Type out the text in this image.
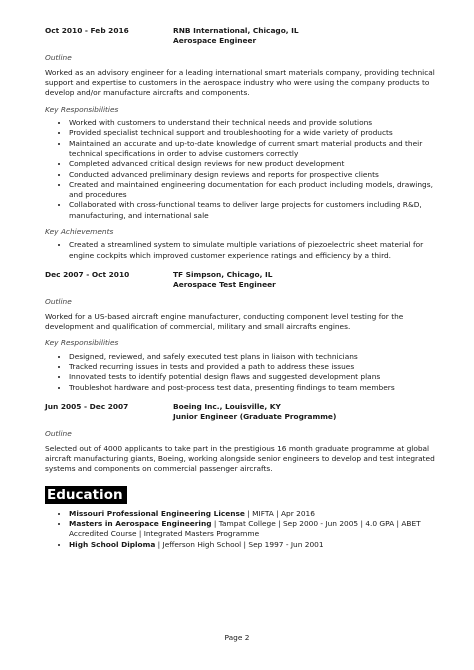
Oct 2010 - Feb 2016	RNB International, Chicago, IL
Aerospace Engineer
Outline
Worked as an advisory engineer for a leading international smart materials company, providing technical support and expertise to customers in the aerospace industry who were using the company products to develop and/or manufacture aircrafts and components.
Key Responsibilities
• Worked with customers to understand their technical needs and provide solutions
• Provided specialist technical support and troubleshooting for a wide variety of products
• Maintained an accurate and up-to-date knowledge of current smart material products and their technical specifications in order to advise customers correctly
• Completed advanced critical design reviews for new product development
• Conducted advanced preliminary design reviews and reports for prospective clients
• Created and maintained engineering documentation for each product including models, drawings, and procedures
• Collaborated with cross-functional teams to deliver large projects for customers including R&D, manufacturing, and international sale
Key Achievements
• Created a streamlined system to simulate multiple variations of piezoelectric sheet material for engine cockpits which improved customer experience ratings and efficiency by a third.
Dec 2007 - Oct 2010	TF Simpson, Chicago, IL
Aerospace Test Engineer
Outline
Worked for a US-based aircraft engine manufacturer, conducting component level testing for the development and qualification of commercial, military and small aircrafts engines.
Key Responsibilities
• Designed, reviewed, and safely executed test plans in liaison with technicians
• Tracked recurring issues in tests and provided a path to address these issues
• Innovated tests to identify potential design flaws and suggested development plans
• Troubleshot hardware and post-process test data, presenting findings to team members
Jun 2005 - Dec 2007	Boeing Inc., Louisville, KY
Junior Engineer (Graduate Programme)
Outline
Selected out of 4000 applicants to take part in the prestigious 16 month graduate programme at global aircraft manufacturing giants, Boeing, working alongside senior engineers to develop and test integrated systems and components on commercial passenger aircrafts.
Education
• Missouri Professional Engineering License | MIFTA | Apr 2016
• Masters in Aerospace Engineering | Tampat College | Sep 2000 - Jun 2005 | 4.0 GPA | ABET Accredited Course | Integrated Masters Programme
• High School Diploma | Jefferson High School | Sep 1997 - Jun 2001
Page 2
